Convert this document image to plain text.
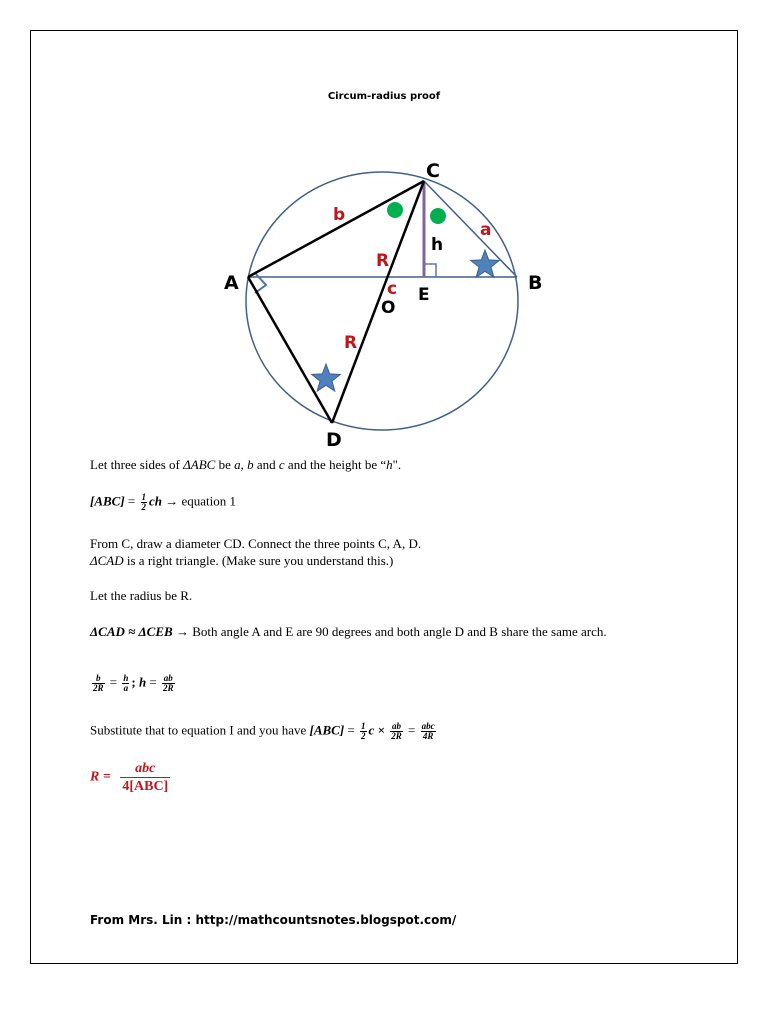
Circum-radius proof
A	B
C
D
E
O
b
a
c
R
R
h
Let three sides of ΔABC be a, b and c and the height be “h".
$[ABC] = \frac{1}{2}$ ch → equation 1
From C, draw a diameter CD. Connect the three points C, A, D.
ΔCAD is a right triangle. (Make sure you understand this.)
Let the radius be R.
ΔCAD ≈ ΔCEB → Both angle A and E are 90 degrees and both angle D and B share the same arch.
$\frac{b}{2R} = \frac{h}{a}$ ; $h = \frac{ab}{2R}$
Substitute that to equation I and you have $[ABC] = \frac{1}{2}$ $c \times \frac{ab}{2R} = \frac{\text{abc}}{4R}$
$R = \frac{\text{abc}}{\text{4[ABC]}}$
From Mrs. Lin : http://mathcountsnotes.blogspot.com/
